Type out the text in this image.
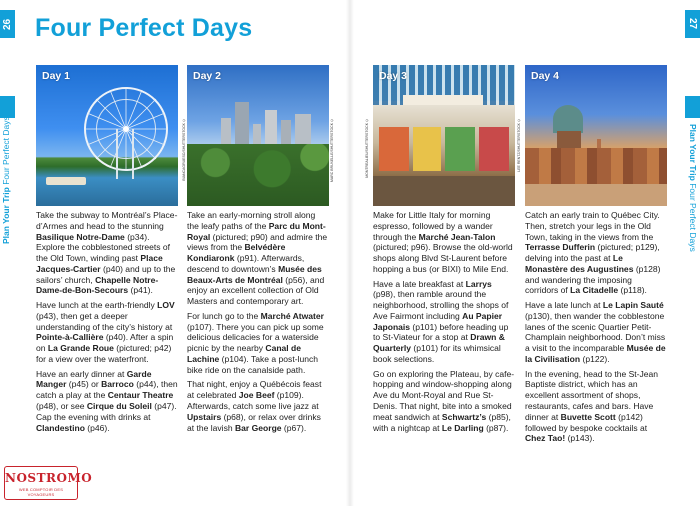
26	27
Plan Your Trip Four Perfect Days	Plan Your Trip Four Perfect Days
Four Perfect Days
Day 1

Take the subway to Montréal’s Place-d’Armes and head to the stunning Basilique Notre-Dame (p34). Explore the cobblestoned streets of the Old Town, winding past Place Jacques-Cartier (p40) and up to the sailors’ church, Chapelle Notre-Dame-de-Bon-Secours (p41).

Have lunch at the earth-friendly LOV (p43), then get a deeper understanding of the city’s history at Pointe-à-Callière (p40). After a spin on La Grande Roue (pictured; p42) for a view over the waterfront.

Have an early dinner at Garde Manger (p45) or Barroco (p44), then catch a play at the Centaur Theatre (p48), or see Cirque du Soleil (p47). Cap the evening with drinks at Clandestino (p46).

BIANCAGRUESO/SHUTTERSTOCK ©
Day 2

Take an early-morning stroll along the leafy paths of the Parc du Mont-Royal (pictured; p90) and admire the views from the Belvédère Kondiaronk (p91). Afterwards, descend to downtown’s Musée des Beaux-Arts de Montréal (p56), and enjoy an excellent collection of Old Masters and contemporary art.

For lunch go to the Marché Atwater (p107). There you can pick up some delicious delicacies for a waterside picnic by the nearby Canal de Lachine (p104). Take a post-lunch bike ride on the canalside path.

That night, enjoy a Québécois feast at celebrated Joe Beef (p109). Afterwards, catch some live jazz at Upstairs (p68), or relax over drinks at the lavish Bar George (p67).

MARC BRUXELLE/SHUTTERSTOCK ©
Day 3

Make for Little Italy for morning espresso, followed by a wander through the Marché Jean-Talon (pictured; p96). Browse the old-world shops along Blvd St-Laurent before hopping a bus (or BIXI) to Mile End.

Have a late breakfast at Larrys (p98), then ramble around the neighborhood, strolling the shops of Ave Fairmont including Au Papier Japonais (p101) before heading up to St-Viateur for a stop at Drawn & Quarterly (p101) for its whimsical book selections.

Go on exploring the Plateau, by cafe-hopping and window-shopping along Ave du Mont-Royal and Rue St-Denis. That night, bite into a smoked meat sandwich at Schwartz’s (p85), with a nightcap at Le Darling (p87).

MONTREALIEU/SHUTTERSTOCK ©
Day 4

Catch an early train to Québec City. Then, stretch your legs in the Old Town, taking in the views from the Terrasse Dufferin (pictured; p129), delving into the past at Le Monastère des Augustines (p128) and wandering the imposing corridors of La Citadelle (p118).

Have a late lunch at Le Lapin Sauté (p130), then wander the cobblestone lanes of the scenic Quartier Petit-Champlain neighborhood. Don’t miss a visit to the incomparable Musée de la Civilisation (p122).

In the evening, head to the St-Jean Baptiste district, which has an excellent assortment of shops, restaurants, cafes and bars. Have dinner at Buvette Scott (p142) followed by bespoke cocktails at Chez Tao! (p143).

LEE RENTZ/SHUTTERSTOCK ©
NOSTROMO
WEB COMPTOIR DES VOYAGEURS
